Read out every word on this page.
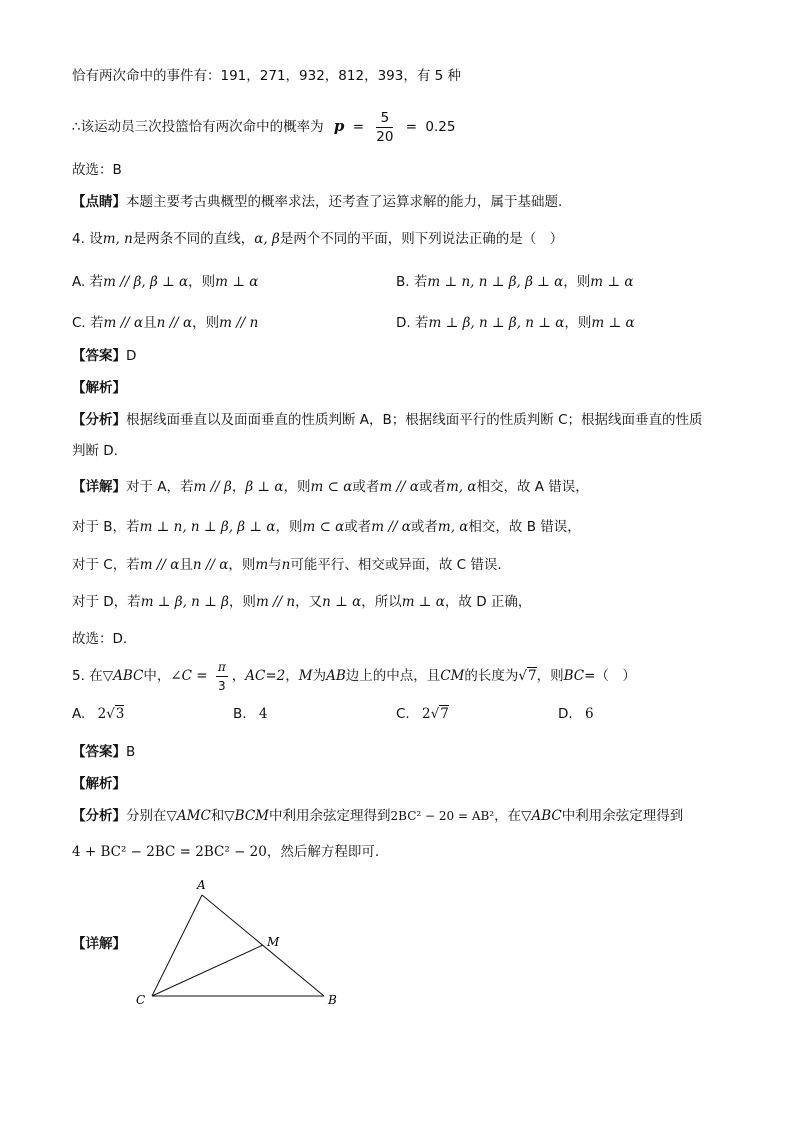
恰有两次命中的事件有：191，271，932，812，393，有 5 种
∴该运动员三次投篮恰有两次命中的概率为 $p = \frac{5}{20} = 0.25$
故选：B
【点睛】本题主要考古典概型的概率求法，还考查了运算求解的能力，属于基础题.
4. 设m, n是两条不同的直线，α, β是两个不同的平面，则下列说法正确的是（　）
A. 若m // β, β ⊥ α，则m ⊥ α	B. 若m ⊥ n, n ⊥ β, β ⊥ α，则m ⊥ α
C. 若m // α且n // α，则m // n	D. 若m ⊥ β, n ⊥ β, n ⊥ α，则m ⊥ α
【答案】D
【解析】
【分析】根据线面垂直以及面面垂直的性质判断 A，B；根据线面平行的性质判断 C；根据线面垂直的性质
判断 D.
【详解】对于 A，若m // β，β ⊥ α，则m ⊂ α或者m // α或者m, α相交，故 A 错误，
对于 B，若m ⊥ n, n ⊥ β, β ⊥ α，则m ⊂ α或者m // α或者m, α相交，故 B 错误，
对于 C，若m // α且n // α，则m与n可能平行、相交或异面，故 C 错误.
对于 D，若m ⊥ β, n ⊥ β，则m // n，又n ⊥ α，所以m ⊥ α，故 D 正确，
故选：D.
5. 在▽ABC中，∠C = $\frac{\pi}{3}$ ，AC=2，M为AB边上的中点，且CM的长度为√7，则BC=（　）
A. 2√3	B. 4	C. 2√7	D. 6
【答案】B
【解析】
【分析】分别在▽AMC和▽BCM中利用余弦定理得到2BC² − 20 = AB²，在▽ABC中利用余弦定理得到
4 + BC² − 2BC = 2BC² − 20，然后解方程即可.
【详解】
A
B
C
M
